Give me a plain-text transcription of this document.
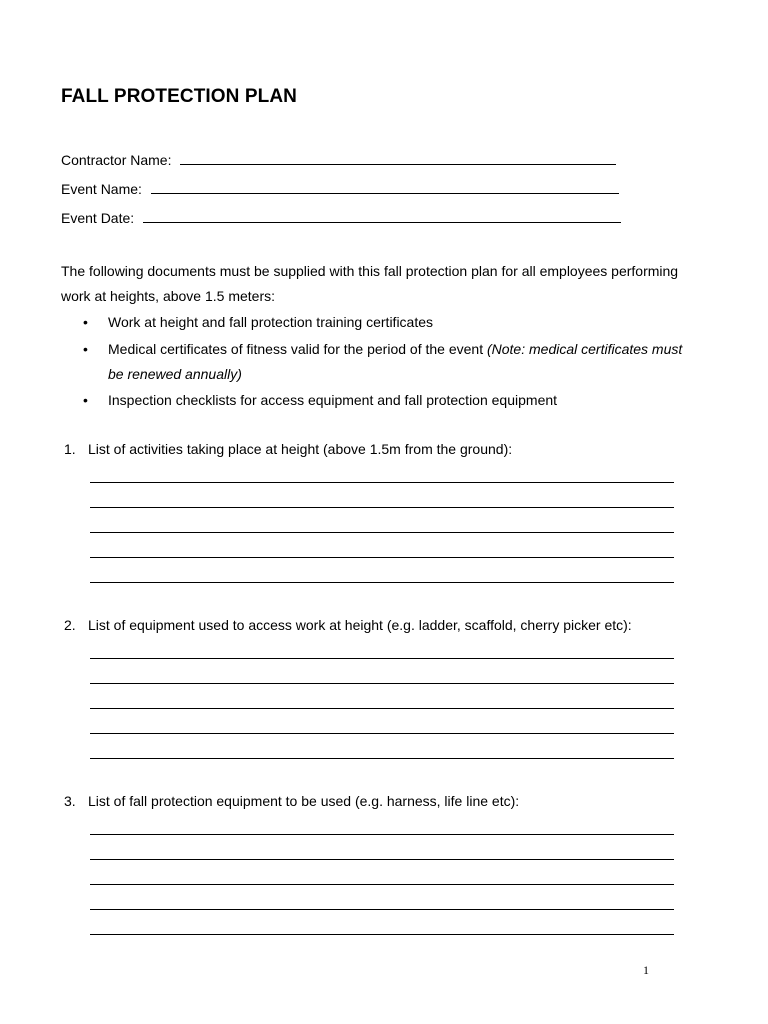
FALL PROTECTION PLAN
Contractor Name:
Event Name:
Event Date:
The following documents must be supplied with this fall protection plan for all employees performing work at heights, above 1.5 meters:
• Work at height and fall protection training certificates
• Medical certificates of fitness valid for the period of the event (Note: medical certificates must be renewed annually)
• Inspection checklists for access equipment and fall protection equipment
1. List of activities taking place at height (above 1.5m from the ground):
2. List of equipment used to access work at height (e.g. ladder, scaffold, cherry picker etc):
3. List of fall protection equipment to be used (e.g. harness, life line etc):
1
